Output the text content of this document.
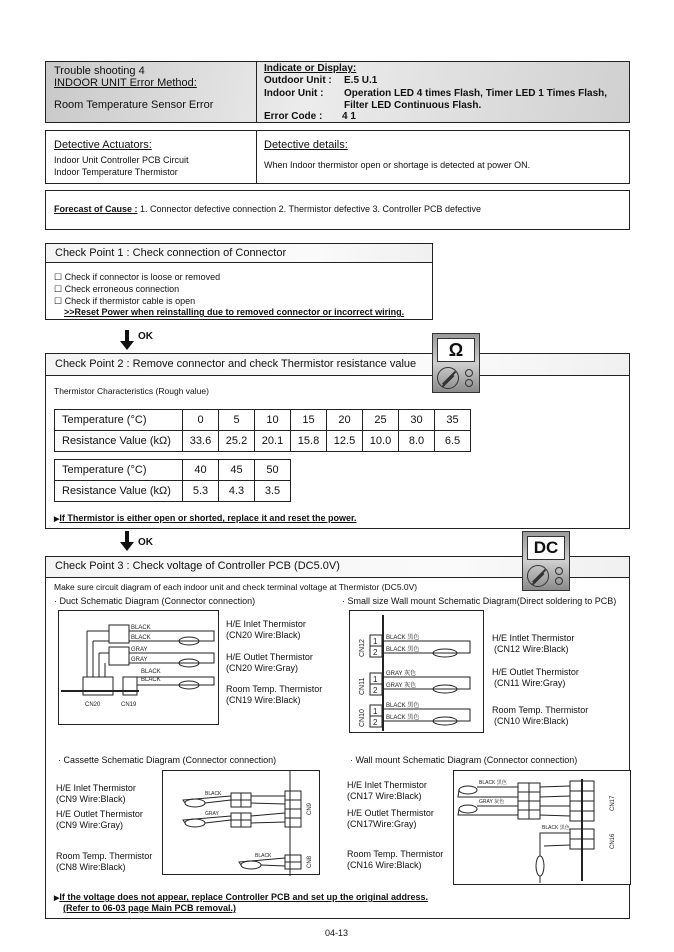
Trouble shooting 4
INDOOR UNIT Error Method:
Room Temperature Sensor Error
Indicate or Display:
Outdoor Unit : E.5 U.1
Indoor Unit : Operation LED 4 times Flash, Timer LED 1 Times Flash,
Filter LED Continuous Flash.
Error Code : 4 1
Detective Actuators:
Indoor Unit Controller PCB Circuit
Indoor Temperature Thermistor
Detective details:
When Indoor thermistor open or shortage is detected at power ON.
Forecast of Cause : 1. Connector defective connection 2. Thermistor defective 3. Controller PCB defective
Check Point 1 : Check connection of Connector
☐ Check if connector is loose or removed
☐ Check erroneous connection
☐ Check if thermistor cable is open
>>Reset Power when reinstalling due to removed connector or incorrect wiring.
OK
Check Point 2 : Remove connector and check Thermistor resistance value
Thermistor Characteristics (Rough value)
Temperature (°C)	0	5	10	15	20	25	30	35
Resistance Value (kΩ)	33.6	25.2	20.1	15.8	12.5	10.0	8.0	6.5
Temperature (°C)	40	45	50
Resistance Value (kΩ)	5.3	4.3	3.5
▶If Thermistor is either open or shorted, replace it and reset the power.
Ω
OK
Check Point 3 : Check voltage of Controller PCB (DC5.0V)
Make sure circuit diagram of each indoor unit and check terminal voltage at Thermistor (DC5.0V)
· Duct Schematic Diagram (Connector connection)
BLACK
BLACK
GRAY
GRAY
BLACK
BLACK
CN20	CN19
H/E Inlet Thermistor
(CN20 Wire:Black)
H/E Outlet Thermistor
(CN20 Wire:Gray)
Room Temp. Thermistor
(CN19 Wire:Black)
· Small size Wall mount Schematic Diagram(Direct soldering to PCB)
BLACK 黒色
BLACK 黒色
GRAY 灰色
GRAY 灰色
BLACK 黒色
BLACK 黒色
1
2
1
2
1
2
CN12
CN11
CN10
H/E Intlet Thermistor
(CN12 Wire:Black)
H/E Outlet Thermistor
(CN11 Wire:Gray)
Room Temp. Thermistor
(CN10 Wire:Black)
· Cassette Schematic Diagram (Connector connection)
H/E Inlet Thermistor
(CN9 Wire:Black)
H/E Outlet Thermistor
(CN9 Wire:Gray)
Room Temp. Thermistor
(CN8 Wire:Black)
BLACK
GRAY
BLACK
CN9
CN8
· Wall mount Schematic Diagram (Connector connection)
H/E Inlet Thermistor
(CN17 Wire:Black)
H/E Outlet Thermistor
(CN17Wire:Gray)
Room Temp. Thermistor
(CN16 Wire:Black)
BLACK 黒色
GRAY 灰色
BLACK 黒色
CN17
CN16
▶If the voltage does not appear, replace Controller PCB and set up the original address.
(Refer to 06-03 page Main PCB removal.)
DC
04-13
